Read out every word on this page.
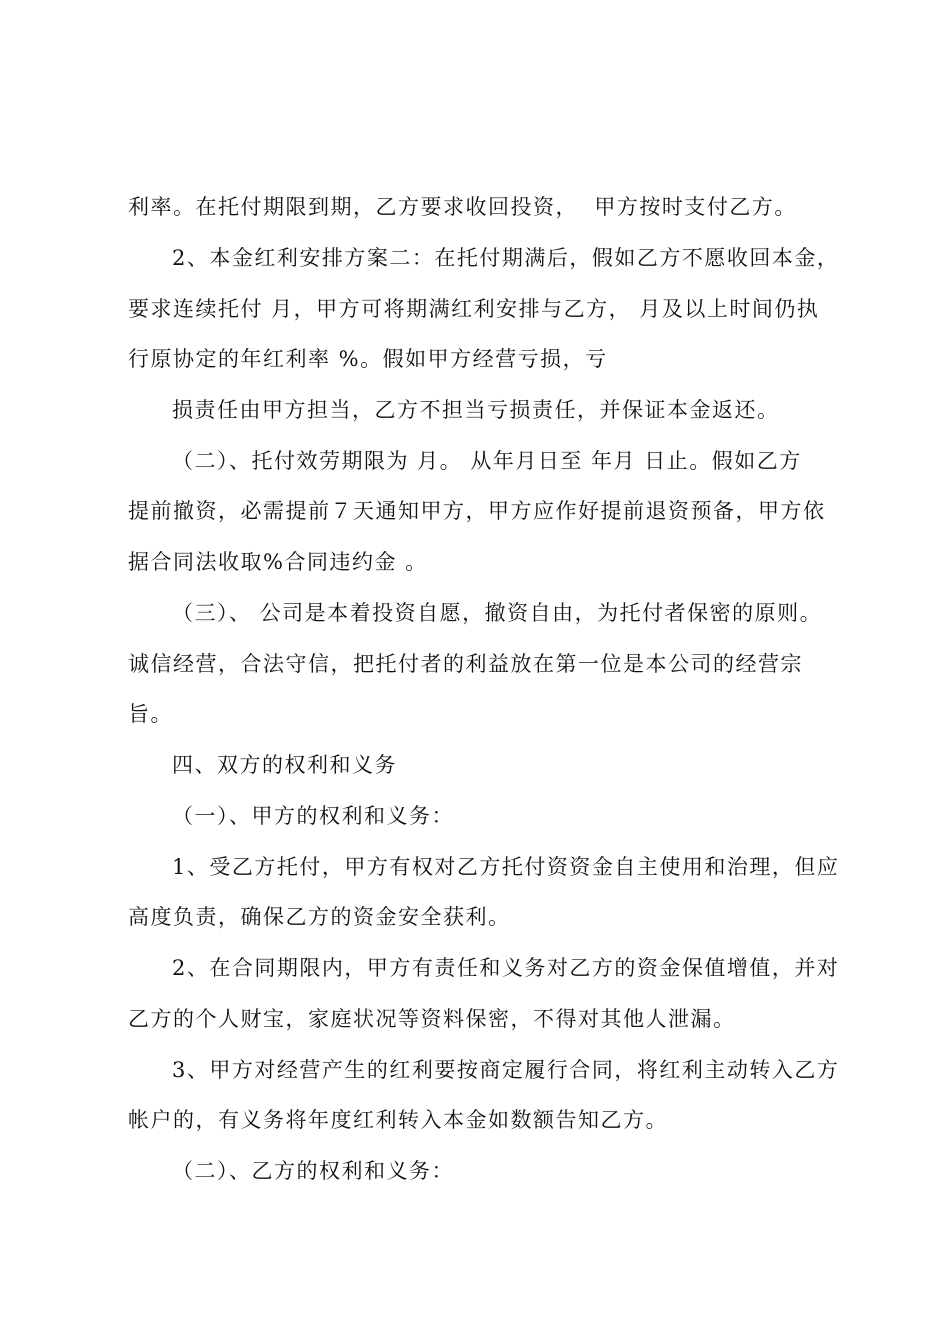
利率。在托付期限到期，乙方要求收回投资，  甲方按时支付乙方。
2、本金红利安排方案二：在托付期满后，假如乙方不愿收回本金，
要求连续托付 月，甲方可将期满红利安排与乙方， 月及以上时间仍执
行原协定的年红利率 %。假如甲方经营亏损，亏
损责任由甲方担当，乙方不担当亏损责任，并保证本金返还。
（二）、托付效劳期限为 月。 从年月日至 年月 日止。假如乙方
提前撤资，必需提前７天通知甲方，甲方应作好提前退资预备，甲方依
据合同法收取%合同违约金 。
（三）、 公司是本着投资自愿，撤资自由，为托付者保密的原则。
诚信经营，合法守信，把托付者的利益放在第一位是本公司的经营宗
旨。
四、双方的权利和义务
（一）、甲方的权利和义务：
1、受乙方托付，甲方有权对乙方托付资资金自主使用和治理，但应
高度负责，确保乙方的资金安全获利。
2、在合同期限内，甲方有责任和义务对乙方的资金保值增值，并对
乙方的个人财宝，家庭状况等资料保密，不得对其他人泄漏。
3、甲方对经营产生的红利要按商定履行合同，将红利主动转入乙方
帐户的，有义务将年度红利转入本金如数额告知乙方。
（二）、乙方的权利和义务：
